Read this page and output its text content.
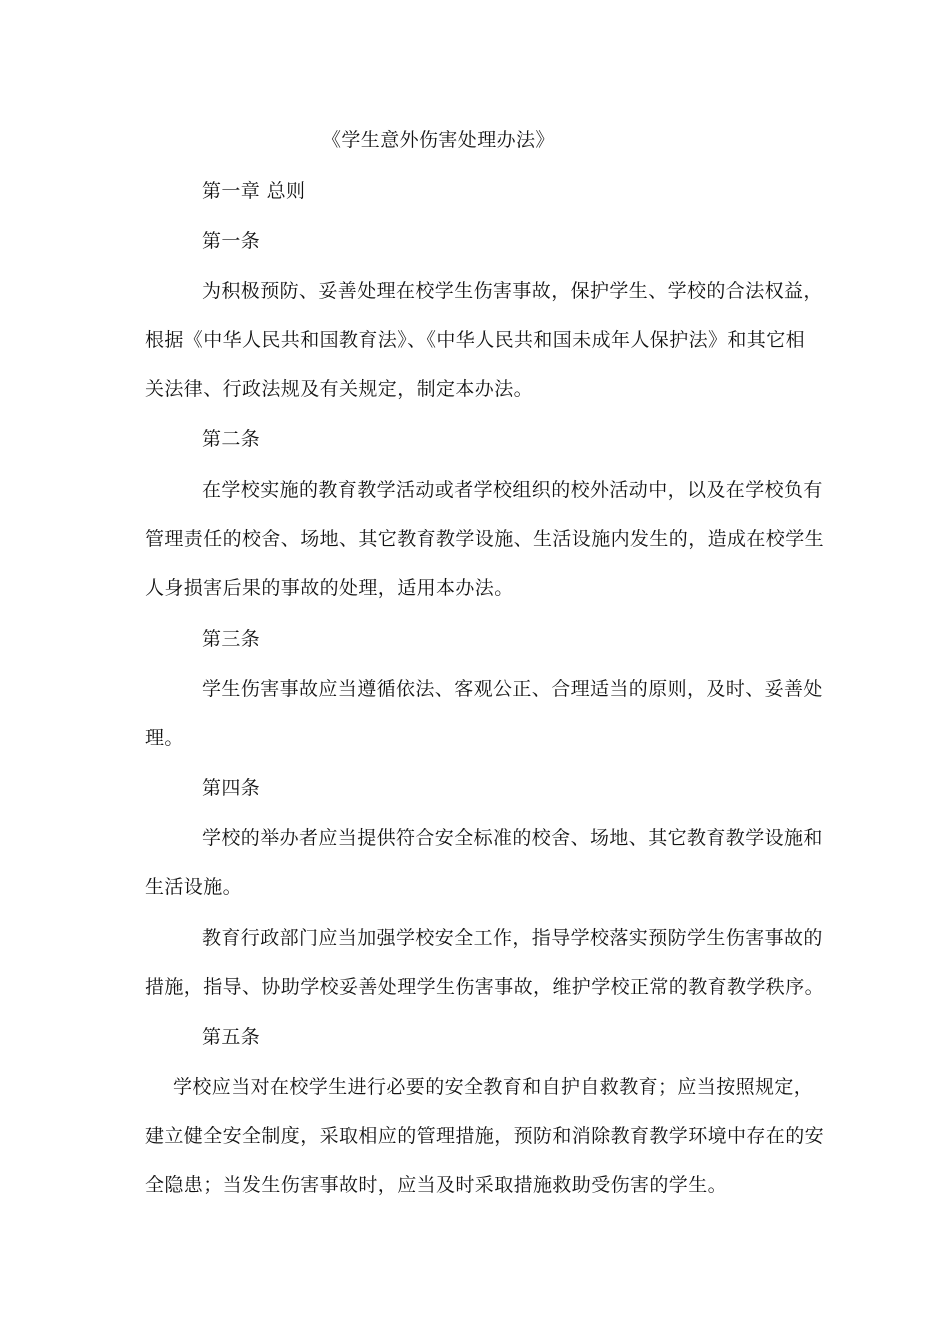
《学生意外伤害处理办法》
第一章 总则
第一条
为积极预防、妥善处理在校学生伤害事故，保护学生、学校的合法权益，
根据《中华人民共和国教育法》、《中华人民共和国未成年人保护法》和其它相
关法律、行政法规及有关规定，制定本办法。
第二条
在学校实施的教育教学活动或者学校组织的校外活动中，以及在学校负有
管理责任的校舍、场地、其它教育教学设施、生活设施内发生的，造成在校学生
人身损害后果的事故的处理，适用本办法。
第三条
学生伤害事故应当遵循依法、客观公正、合理适当的原则，及时、妥善处
理。
第四条
学校的举办者应当提供符合安全标准的校舍、场地、其它教育教学设施和
生活设施。
教育行政部门应当加强学校安全工作，指导学校落实预防学生伤害事故的
措施，指导、协助学校妥善处理学生伤害事故，维护学校正常的教育教学秩序。
第五条
学校应当对在校学生进行必要的安全教育和自护自救教育；应当按照规定，
建立健全安全制度，采取相应的管理措施，预防和消除教育教学环境中存在的安
全隐患；当发生伤害事故时，应当及时采取措施救助受伤害的学生。
